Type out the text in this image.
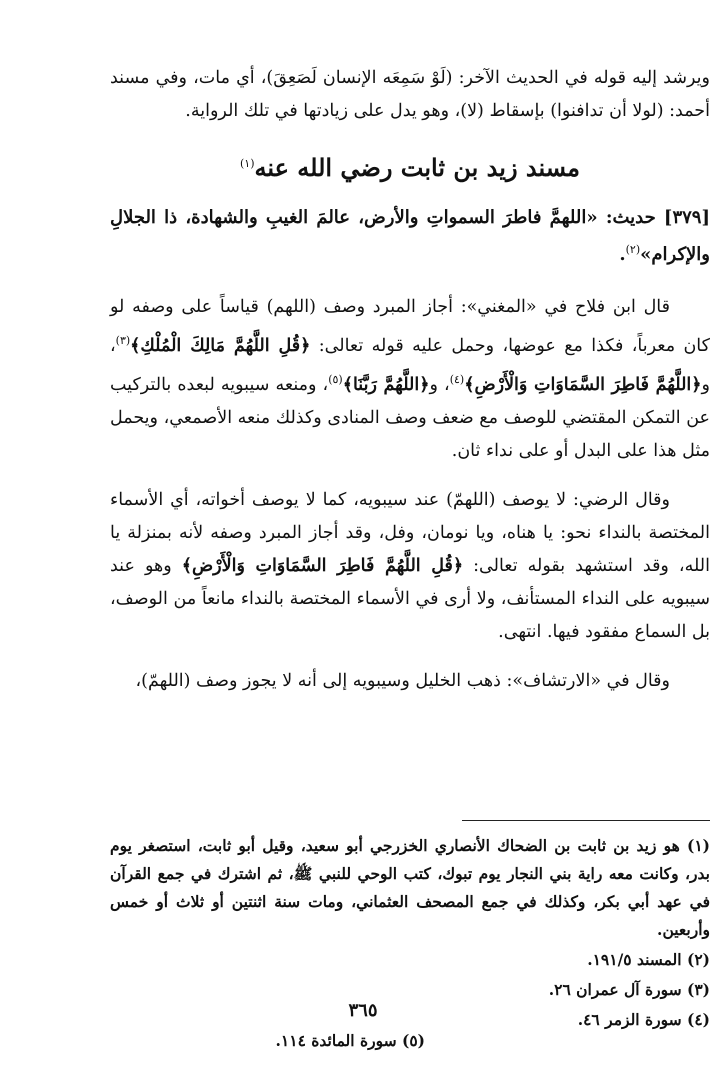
ويرشد إليه قوله في الحديث الآخر: (لَوْ سَمِعَه الإنسان لَصَعِقَ)، أي مات، وفي مسند أحمد: (لولا أن تدافنوا) بإسقاط (لا)، وهو يدل على زيادتها في تلك الرواية.

مسند زيد بن ثابت رضي الله عنه$^{(١)}$

[٣٧٩] حديث: «اللهمَّ فاطرَ السمواتِ والأرض، عالمَ الغيبِ والشهادة، ذا الجلالِ والإكرام»$^{(٢)}$.

قال ابن فلاح في «المغني»: أجاز المبرد وصف (اللهم) قياساً على وصفه لو كان معرباً، فكذا مع عوضها، وحمل عليه قوله تعالى: ﴿قُلِ اللَّهُمَّ مَالِكَ الْمُلْكِ﴾$^{(٣)}$، و﴿اللَّهُمَّ فَاطِرَ السَّمَاوَاتِ وَالْأَرْضِ﴾$^{(٤)}$، و﴿اللَّهُمَّ رَبَّنَا﴾$^{(٥)}$، ومنعه سيبويه لبعده بالتركيب عن التمكن المقتضي للوصف مع ضعف وصف المنادى وكذلك منعه الأصمعي، ويحمل مثل هذا على البدل أو على نداء ثان.

وقال الرضي: لا يوصف (اللهمّ) عند سيبويه، كما لا يوصف أخواته، أي الأسماء المختصة بالنداء نحو: يا هناه، ويا نومان، وفل، وقد أجاز المبرد وصفه لأنه بمنزلة يا الله، وقد استشهد بقوله تعالى: ﴿قُلِ اللَّهُمَّ فَاطِرَ السَّمَاوَاتِ وَالْأَرْضِ﴾ وهو عند سيبويه على النداء المستأنف، ولا أرى في الأسماء المختصة بالنداء مانعاً من الوصف، بل السماع مفقود فيها. انتهى.

وقال في «الارتشاف»: ذهب الخليل وسيبويه إلى أنه لا يجوز وصف (اللهمّ)،

(١) هو زيد بن ثابت بن الضحاك الأنصاري الخزرجي أبو سعيد، وقيل أبو ثابت، استصغر يوم بدر، وكانت معه راية بني النجار يوم تبوك، كتب الوحي للنبي ﷺ، ثم اشترك في جمع القرآن في عهد أبي بكر، وكذلك في جمع المصحف العثماني، ومات سنة اثنتين أو ثلاث أو خمس وأربعين.

(٢) المسند ١٩١/٥.

(٣) سورة آل عمران ٢٦.

(٤) سورة الزمر ٤٦.

(٥) سورة المائدة ١١٤.

٣٦٥
